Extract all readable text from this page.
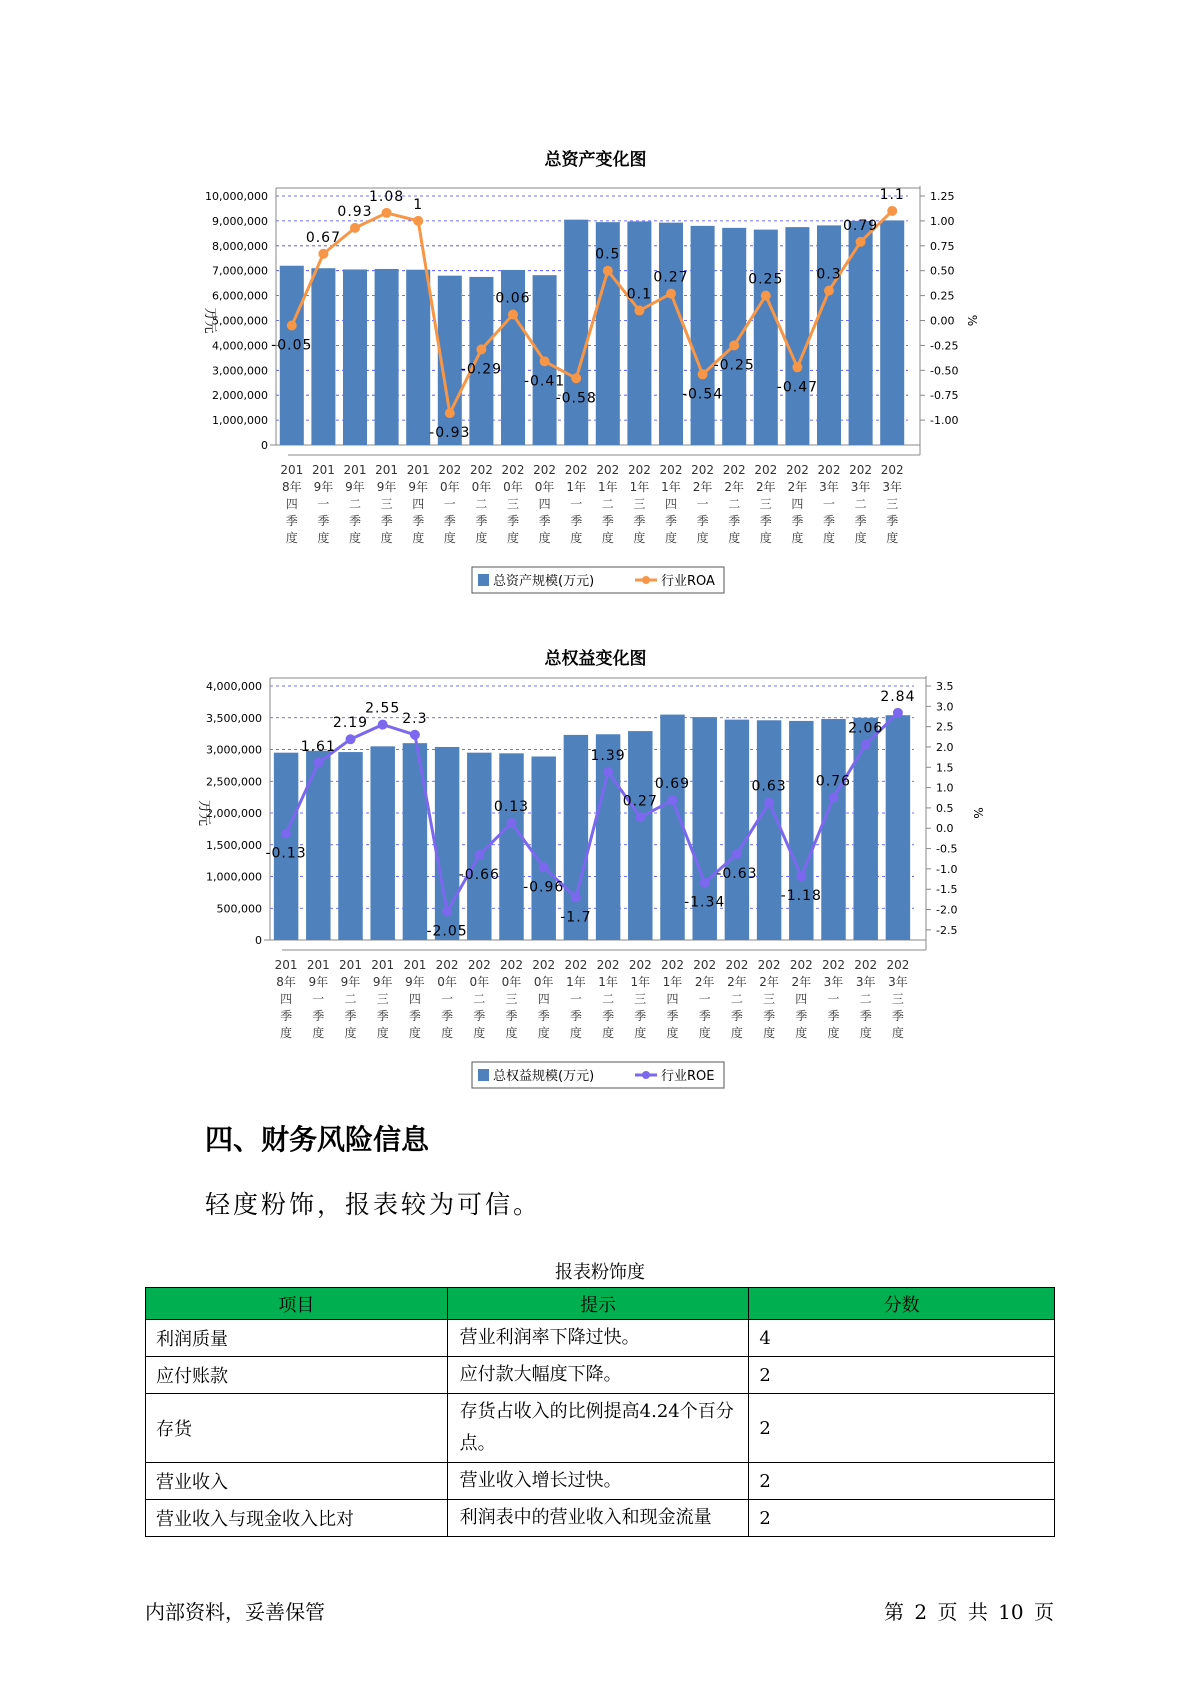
总资产变化图
0
1,000,000
2,000,000
3,000,000
4,000,000
5,000,000
6,000,000
7,000,000
8,000,000
9,000,000
10,000,000
-1.00
-0.75
-0.50
-0.25
0.00
0.25
0.50
0.75
1.00
1.25
万元	%
-0.05
0.67
0.93
1.08 1
-0.93
-0.29
0.06
-0.41
-0.58
0.5
0.1
0.27
-0.54
-0.25
0.25
-0.47
0.3
0.79
1.1
201
8年
四
季
度
201
9年
一
季
度
201
9年
二
季
度
201
9年
三
季
度
201
9年
四
季
度
202
0年
一
季
度
202
0年
二
季
度
202
0年
三
季
度
202
0年
四
季
度
202
1年
一
季
度
202
1年
二
季
度
202
1年
三
季
度
202
1年
四
季
度
202
2年
一
季
度
202
2年
二
季
度
202
2年
三
季
度
202
2年
四
季
度
202
3年
一
季
度
202
3年
二
季
度
202
3年
三
季
度
总资产规模(万元)	行业ROA
总权益变化图
0
500,000
1,000,000
1,500,000
2,000,000
2,500,000
3,000,000
3,500,000
4,000,000
-2.5
-2.0
-1.5
-1.0
-0.5
0.0
0.5
1.0
1.5
2.0
2.5
3.0
3.5
万元	%
-0.13
1.61
2.19
2.55
2.3
-2.05
-0.66
0.13
-0.96
-1.7
1.39
0.27
0.69
-1.34
-0.63
0.63
-1.18
0.76
2.06
2.84
201
8年
四
季
度
201
9年
一
季
度
201
9年
二
季
度
201
9年
三
季
度
201
9年
四
季
度
202
0年
一
季
度
202
0年
二
季
度
202
0年
三
季
度
202
0年
四
季
度
202
1年
一
季
度
202
1年
二
季
度
202
1年
三
季
度
202
1年
四
季
度
202
2年
一
季
度
202
2年
二
季
度
202
2年
三
季
度
202
2年
四
季
度
202
3年
一
季
度
202
3年
二
季
度
202
3年
三
季
度
总权益规模(万元)	行业ROE
四、财务风险信息
轻度粉饰，报表较为可信。
报表粉饰度
项目	提示	分数
利润质量	营业利润率下降过快。	4
应付账款	应付款大幅度下降。	2
存货	存货占收入的比例提高4.24个百分点。	2
营业收入	营业收入增长过快。	2
营业收入与现金收入比对	利润表中的营业收入和现金流量	2
内部资料，妥善保管	第 2 页 共 10 页
